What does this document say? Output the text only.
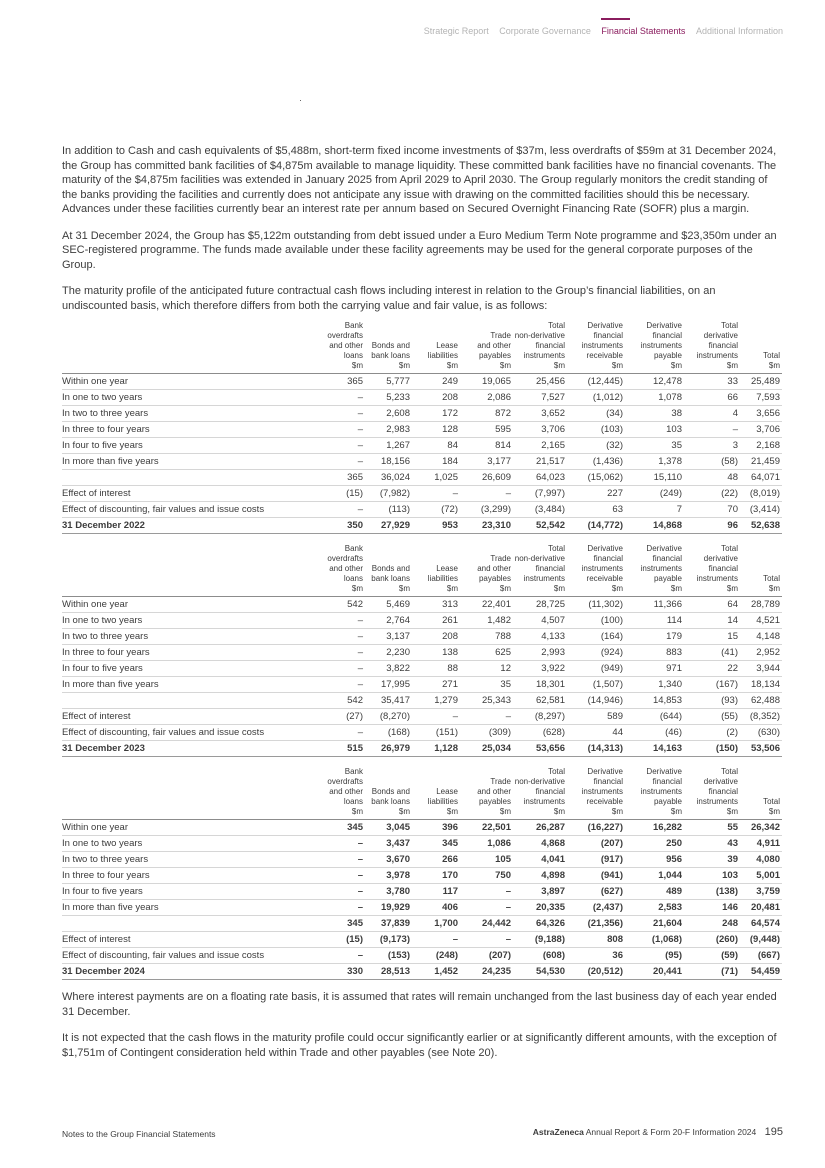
Strategic Report Corporate Governance Financial Statements Additional Information

In addition to Cash and cash equivalents of $5,488m, short-term fixed income investments of $37m, less overdrafts of $59m at 31 December 2024, the Group has committed bank facilities of $4,875m available to manage liquidity. These committed bank facilities have no financial covenants. The maturity of the $4,875m facilities was extended in January 2025 from April 2029 to April 2030. The Group regularly monitors the credit standing of the banks providing the facilities and currently does not anticipate any issue with drawing on the committed facilities should this be necessary. Advances under these facilities currently bear an interest rate per annum based on Secured Overnight Financing Rate (SOFR) plus a margin.

At 31 December 2024, the Group has $5,122m outstanding from debt issued under a Euro Medium Term Note programme and $23,350m under an SEC-registered programme. The funds made available under these facility agreements may be used for the general corporate purposes of the Group.

The maturity profile of the anticipated future contractual cash flows including interest in relation to the Group’s financial liabilities, on an undiscounted basis, which therefore differs from both the carrying value and fair value, is as follows:

	Bank
overdrafts
and other
loans
$m	Bonds and
bank loans
$m	Lease
liabilities
$m	Trade
and other
payables
$m	Total
non-derivative
financial
instruments
$m	Derivative
financial
instruments
receivable
$m	Derivative
financial
instruments
payable
$m	Total
derivative
financial
instruments
$m	Total
$m
Within one year	365	5,777	249	19,065	25,456	(12,445)	12,478	33	25,489
In one to two years	–	5,233	208	2,086	7,527	(1,012)	1,078	66	7,593
In two to three years	–	2,608	172	872	3,652	(34)	38	4	3,656
In three to four years	–	2,983	128	595	3,706	(103)	103	–	3,706
In four to five years	–	1,267	84	814	2,165	(32)	35	3	2,168
In more than five years	–	18,156	184	3,177	21,517	(1,436)	1,378	(58)	21,459
	365	36,024	1,025	26,609	64,023	(15,062)	15,110	48	64,071
Effect of interest	(15)	(7,982)	–	–	(7,997)	227	(249)	(22)	(8,019)
Effect of discounting, fair values and issue costs	–	(113)	(72)	(3,299)	(3,484)	63	7	70	(3,414)
31 December 2022	350	27,929	953	23,310	52,542	(14,772)	14,868	96	52,638
	Bank
overdrafts
and other
loans
$m	Bonds and
bank loans
$m	Lease
liabilities
$m	Trade
and other
payables
$m	Total
non-derivative
financial
instruments
$m	Derivative
financial
instruments
receivable
$m	Derivative
financial
instruments
payable
$m	Total
derivative
financial
instruments
$m	Total
$m
Within one year	542	5,469	313	22,401	28,725	(11,302)	11,366	64	28,789
In one to two years	–	2,764	261	1,482	4,507	(100)	114	14	4,521
In two to three years	–	3,137	208	788	4,133	(164)	179	15	4,148
In three to four years	–	2,230	138	625	2,993	(924)	883	(41)	2,952
In four to five years	–	3,822	88	12	3,922	(949)	971	22	3,944
In more than five years	–	17,995	271	35	18,301	(1,507)	1,340	(167)	18,134
	542	35,417	1,279	25,343	62,581	(14,946)	14,853	(93)	62,488
Effect of interest	(27)	(8,270)	–	–	(8,297)	589	(644)	(55)	(8,352)
Effect of discounting, fair values and issue costs	–	(168)	(151)	(309)	(628)	44	(46)	(2)	(630)
31 December 2023	515	26,979	1,128	25,034	53,656	(14,313)	14,163	(150)	53,506
	Bank
overdrafts
and other
loans
$m	Bonds and
bank loans
$m	Lease
liabilities
$m	Trade
and other
payables
$m	Total
non-derivative
financial
instruments
$m	Derivative
financial
instruments
receivable
$m	Derivative
financial
instruments
payable
$m	Total
derivative
financial
instruments
$m	Total
$m
Within one year	345	3,045	396	22,501	26,287	(16,227)	16,282	55	26,342
In one to two years	–	3,437	345	1,086	4,868	(207)	250	43	4,911
In two to three years	–	3,670	266	105	4,041	(917)	956	39	4,080
In three to four years	–	3,978	170	750	4,898	(941)	1,044	103	5,001
In four to five years	–	3,780	117	–	3,897	(627)	489	(138)	3,759
In more than five years	–	19,929	406	–	20,335	(2,437)	2,583	146	20,481
	345	37,839	1,700	24,442	64,326	(21,356)	21,604	248	64,574
Effect of interest	(15)	(9,173)	–	–	(9,188)	808	(1,068)	(260)	(9,448)
Effect of discounting, fair values and issue costs	–	(153)	(248)	(207)	(608)	36	(95)	(59)	(667)
31 December 2024	330	28,513	1,452	24,235	54,530	(20,512)	20,441	(71)	54,459

Where interest payments are on a floating rate basis, it is assumed that rates will remain unchanged from the last business day of each year ended 31 December.

It is not expected that the cash flows in the maturity profile could occur significantly earlier or at significantly different amounts, with the exception of $1,751m of Contingent consideration held within Trade and other payables (see Note 20).

Notes to the Group Financial Statements	AstraZeneca Annual Report & Form 20-F Information 2024 195
